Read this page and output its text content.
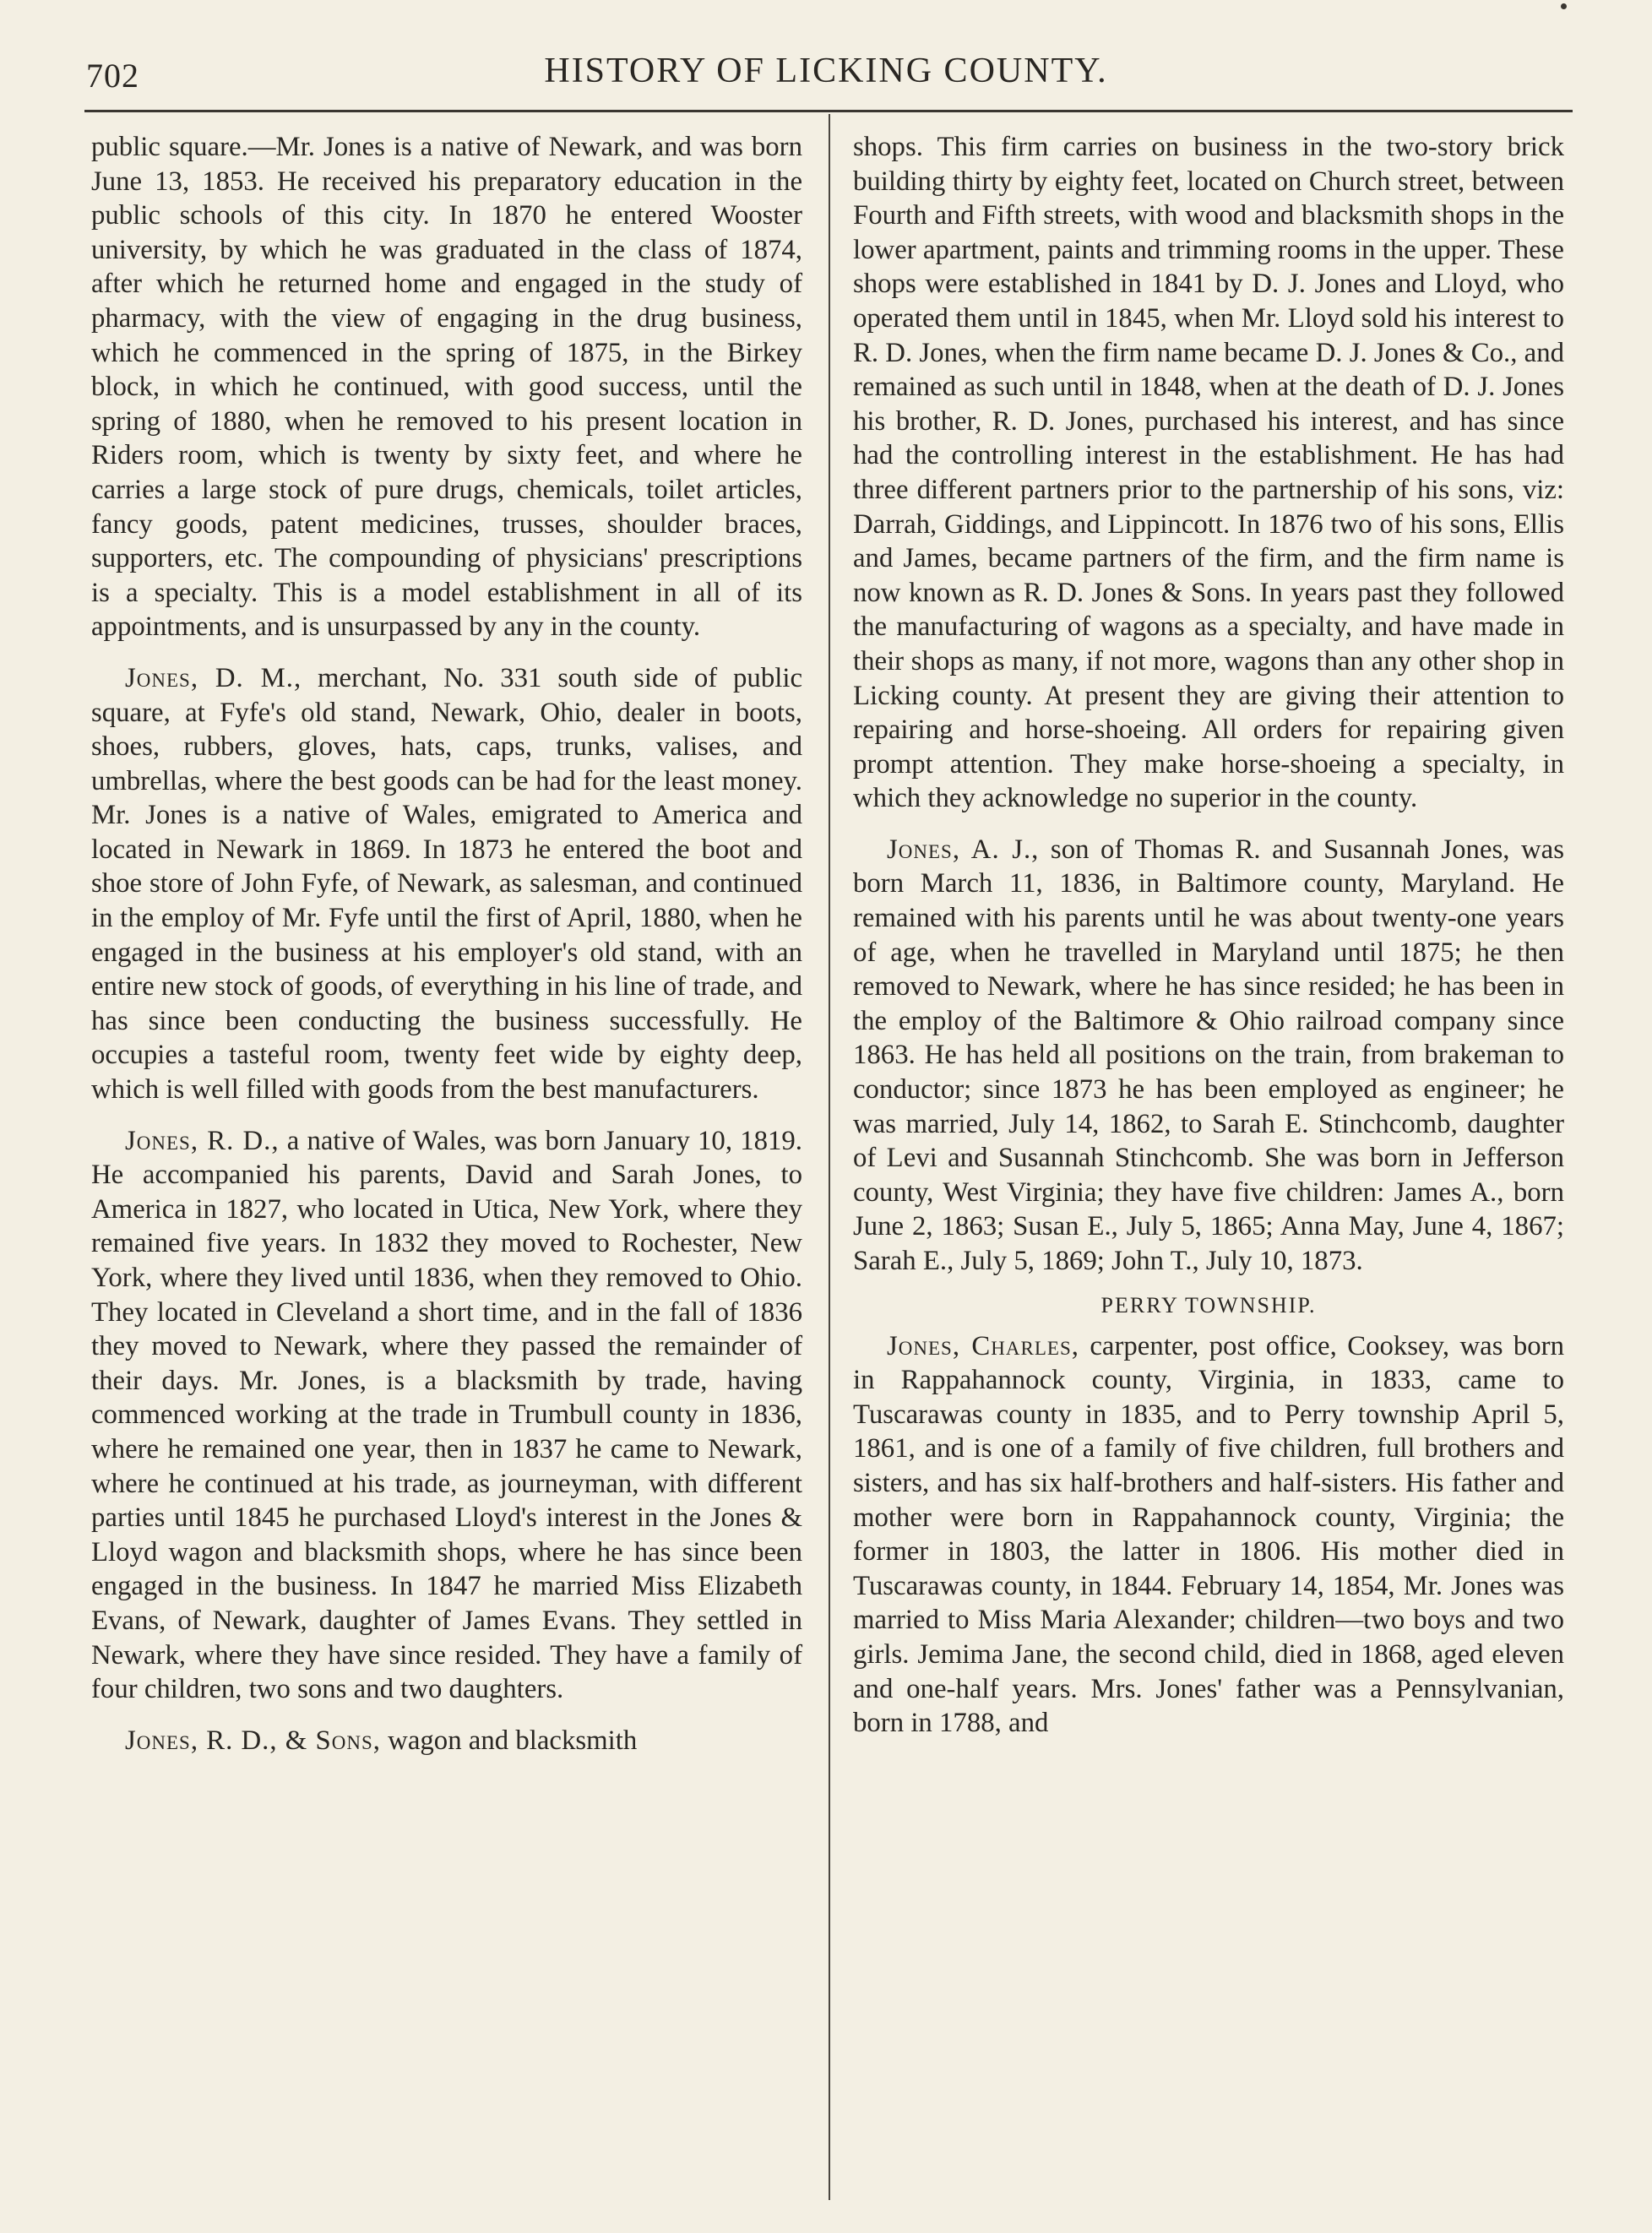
702	HISTORY OF LICKING COUNTY.

public square.—Mr. Jones is a native of Newark, and was born June 13, 1853. He received his preparatory education in the public schools of this city. In 1870 he entered Wooster university, by which he was graduated in the class of 1874, after which he returned home and engaged in the study of pharmacy, with the view of engaging in the drug business, which he commenced in the spring of 1875, in the Birkey block, in which he continued, with good success, until the spring of 1880, when he removed to his present location in Riders room, which is twenty by sixty feet, and where he carries a large stock of pure drugs, chemicals, toilet articles, fancy goods, patent medicines, trusses, shoulder braces, supporters, etc. The compounding of physicians' prescriptions is a specialty. This is a model establishment in all of its appointments, and is unsurpassed by any in the county.

Jones, D. M., merchant, No. 331 south side of public square, at Fyfe's old stand, Newark, Ohio, dealer in boots, shoes, rubbers, gloves, hats, caps, trunks, valises, and umbrellas, where the best goods can be had for the least money. Mr. Jones is a native of Wales, emigrated to America and located in Newark in 1869. In 1873 he entered the boot and shoe store of John Fyfe, of Newark, as salesman, and continued in the employ of Mr. Fyfe until the first of April, 1880, when he engaged in the business at his employer's old stand, with an entire new stock of goods, of everything in his line of trade, and has since been conducting the business successfully. He occupies a tasteful room, twenty feet wide by eighty deep, which is well filled with goods from the best manufacturers.

Jones, R. D., a native of Wales, was born January 10, 1819. He accompanied his parents, David and Sarah Jones, to America in 1827, who located in Utica, New York, where they remained five years. In 1832 they moved to Rochester, New York, where they lived until 1836, when they removed to Ohio. They located in Cleveland a short time, and in the fall of 1836 they moved to Newark, where they passed the remainder of their days. Mr. Jones, is a blacksmith by trade, having commenced working at the trade in Trumbull county in 1836, where he remained one year, then in 1837 he came to Newark, where he continued at his trade, as journeyman, with different parties until 1845 he purchased Lloyd's interest in the Jones & Lloyd wagon and blacksmith shops, where he has since been engaged in the business. In 1847 he married Miss Elizabeth Evans, of Newark, daughter of James Evans. They settled in Newark, where they have since resided. They have a family of four children, two sons and two daughters.

Jones, R. D., & Sons, wagon and blacksmith

shops. This firm carries on business in the two-story brick building thirty by eighty feet, located on Church street, between Fourth and Fifth streets, with wood and blacksmith shops in the lower apartment, paints and trimming rooms in the upper. These shops were established in 1841 by D. J. Jones and Lloyd, who operated them until in 1845, when Mr. Lloyd sold his interest to R. D. Jones, when the firm name became D. J. Jones & Co., and remained as such until in 1848, when at the death of D. J. Jones his brother, R. D. Jones, purchased his interest, and has since had the controlling interest in the establishment. He has had three different partners prior to the partnership of his sons, viz: Darrah, Giddings, and Lippincott. In 1876 two of his sons, Ellis and James, became partners of the firm, and the firm name is now known as R. D. Jones & Sons. In years past they followed the manufacturing of wagons as a specialty, and have made in their shops as many, if not more, wagons than any other shop in Licking county. At present they are giving their attention to repairing and horse-shoeing. All orders for repairing given prompt attention. They make horse-shoeing a specialty, in which they acknowledge no superior in the county.

Jones, A. J., son of Thomas R. and Susannah Jones, was born March 11, 1836, in Baltimore county, Maryland. He remained with his parents until he was about twenty-one years of age, when he travelled in Maryland until 1875; he then removed to Newark, where he has since resided; he has been in the employ of the Baltimore & Ohio railroad company since 1863. He has held all positions on the train, from brakeman to conductor; since 1873 he has been employed as engineer; he was married, July 14, 1862, to Sarah E. Stinchcomb, daughter of Levi and Susannah Stinchcomb. She was born in Jefferson county, West Virginia; they have five children: James A., born June 2, 1863; Susan E., July 5, 1865; Anna May, June 4, 1867; Sarah E., July 5, 1869; John T., July 10, 1873.

PERRY TOWNSHIP.

Jones, Charles, carpenter, post office, Cooksey, was born in Rappahannock county, Virginia, in 1833, came to Tuscarawas county in 1835, and to Perry township April 5, 1861, and is one of a family of five children, full brothers and sisters, and has six half-brothers and half-sisters. His father and mother were born in Rappahannock county, Virginia; the former in 1803, the latter in 1806. His mother died in Tuscarawas county, in 1844. February 14, 1854, Mr. Jones was married to Miss Maria Alexander; children—two boys and two girls. Jemima Jane, the second child, died in 1868, aged eleven and one-half years. Mrs. Jones' father was a Pennsylvanian, born in 1788, and
